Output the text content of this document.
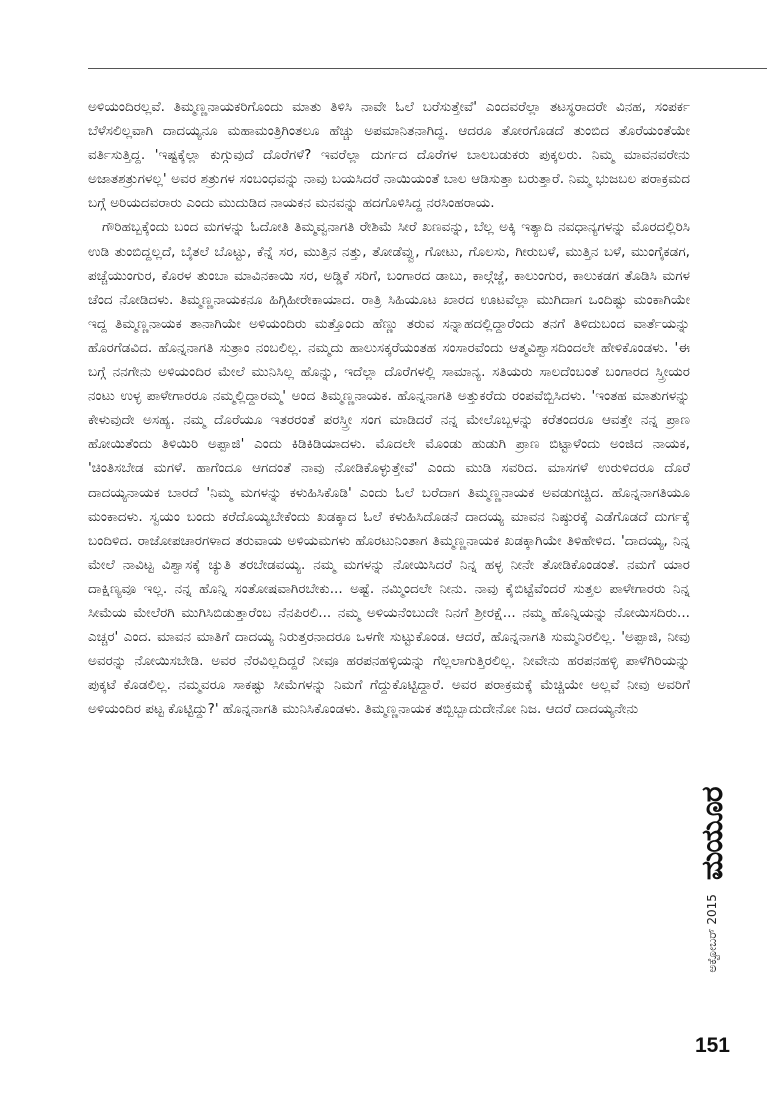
ಅಳಿಯಂದಿರಲ್ಲವೆ. ತಿಮ್ಮಣ್ಣನಾಯಕರಿಗೊಂದು ಮಾತು ತಿಳಿಸಿ ನಾವೇ ಓಲೆ ಬರೆಸುತ್ತೇವೆ' ಎಂದವರೆಲ್ಲಾ ತಟಸ್ಥರಾದರೇ ವಿನಹ, ಸಂಪರ್ಕ ಬೆಳೆಸಲಿಲ್ಲವಾಗಿ ದಾದಯ್ಯನೂ ಮಹಾಮಂತ್ರಿಗಿಂತಲೂ ಹೆಚ್ಚು ಅಪಮಾನಿತನಾಗಿದ್ದ. ಆದರೂ ತೋರಗೊಡದೆ ತುಂಬಿದ ತೊರೆಯಂತೆಯೇ ವರ್ತಿಸುತ್ತಿದ್ದ. 'ಇಷ್ಟಕ್ಕೆಲ್ಲಾ ಕುಗ್ಗುವುದೆ ದೊರೆಗಳೆ? ಇವರೆಲ್ಲಾ ದುರ್ಗದ ದೊರೆಗಳ ಬಾಲಬಡುಕರು ಪುಕ್ಕಲರು. ನಿಮ್ಮ ಮಾವನವರೇನು ಅಜಾತಶತ್ರುಗಳಲ್ಲ' ಅವರ ಶತ್ರುಗಳ ಸಂಬಂಧವನ್ನು ನಾವು ಬಯಸಿದರೆ ನಾಯಿಯಂತೆ ಬಾಲ ಆಡಿಸುತ್ತಾ ಬರುತ್ತಾರೆ. ನಿಮ್ಮ ಭುಜಬಲ ಪರಾಕ್ರಮದ ಬಗ್ಗೆ ಅರಿಯದವರಾರು ಎಂದು ಮುದುಡಿದ ನಾಯಕನ ಮನವನ್ನು ಹದಗೊಳಿಸಿದ್ದ ನರಸಿಂಹರಾಯ.

ಗೌರಿಹಬ್ಬಕ್ಕೆಂದು ಬಂದ ಮಗಳನ್ನು ಓದೋತಿ ತಿಮ್ಮವ್ವನಾಗತಿ ರೇಶಿಮೆ ಸೀರೆ ಖಣವನ್ನು, ಬೆಲ್ಲ ಅಕ್ಕಿ ಇತ್ಯಾದಿ ನವಧಾನ್ಯಗಳನ್ನು ಮೊರದಲ್ಲಿರಿಸಿ ಉಡಿ ತುಂಬಿದ್ದಲ್ಲದೆ, ಬೈತಲೆ ಬೊಟ್ಟು, ಕೆನ್ನೆ ಸರ, ಮುತ್ತಿನ ನತ್ತು, ತೋಡೆವ್ವು, ಗೋಟು, ಗೊಲಸು, ಗೀರುಬಳೆ, ಮುತ್ತಿನ ಬಳೆ, ಮುಂಗೈಕಡಗ, ಪಚ್ಚೆಯುಂಗುರ, ಕೊರಳ ತುಂಬಾ ಮಾವಿನಕಾಯಿ ಸರ, ಅಡ್ಡಿಕೆ ಸರಿಗೆ, ಬಂಗಾರದ ಡಾಬು, ಕಾಲ್ಗೆಜ್ಜೆ, ಕಾಲುಂಗುರ, ಕಾಲುಕಡಗ ತೊಡಿಸಿ ಮಗಳ ಚೆಂದ ನೋಡಿದಳು. ತಿಮ್ಮಣ್ಣನಾಯಕನೂ ಹಿಗ್ಗಿಹೀರೇಕಾಯಾದ. ರಾತ್ರಿ ಸಿಹಿಯೂಟ ಖಾರದ ಊಟವೆಲ್ಲಾ ಮುಗಿದಾಗ ಒಂದಿಷ್ಟು ಮಂಕಾಗಿಯೇ ಇದ್ದ ತಿಮ್ಮಣ್ಣನಾಯಕ ತಾನಾಗಿಯೇ ಅಳಿಯಂದಿರು ಮತ್ತೊಂದು ಹೆಣ್ಣು ತರುವ ಸನ್ನಾಹದಲ್ಲಿದ್ದಾರೆಂದು ತನಗೆ ತಿಳಿದುಬಂದ ವಾರ್ತೆಯನ್ನು ಹೊರಗೆಡವಿದ. ಹೊನ್ನನಾಗತಿ ಸುತ್ರಾಂ ನಂಬಲಿಲ್ಲ. ನಮ್ಮದು ಹಾಲುಸಕ್ಕರೆಯಂತಹ ಸಂಸಾರವೆಂದು ಆತ್ಮವಿಶ್ವಾಸದಿಂದಲೇ ಹೇಳಿಕೊಂಡಳು. 'ಈ ಬಗ್ಗೆ ನನಗೇನು ಅಳಿಯಂದಿರ ಮೇಲೆ ಮುನಿಸಿಲ್ಲ ಹೊನ್ನು, ಇದೆಲ್ಲಾ ದೊರೆಗಳಲ್ಲಿ ಸಾಮಾನ್ಯ. ಸತಿಯರು ಸಾಲದೆಂಬಂತೆ ಬಂಗಾರದ ಸ್ತ್ರೀಯರ ನಂಟು ಉಳ್ಳ ಪಾಳೇಗಾರರೂ ನಮ್ಮಲ್ಲಿದ್ದಾರಮ್ಮ' ಅಂದ ತಿಮ್ಮಣ್ಣನಾಯಕ. ಹೊನ್ನನಾಗತಿ ಅತ್ತುಕರೆದು ರಂಪವೆಬ್ಬಿಸಿದಳು. 'ಇಂತಹ ಮಾತುಗಳನ್ನು ಕೇಳುವುದೇ ಅಸಹ್ಯ. ನಮ್ಮ ದೊರೆಯೂ ಇತರರಂತೆ ಪರಸ್ತ್ರೀ ಸಂಗ ಮಾಡಿದರೆ ನನ್ನ ಮೇಲೊಬ್ಬಳನ್ನು ಕರೆತಂದರೂ ಆವತ್ತೇ ನನ್ನ ಪ್ರಾಣ ಹೋಯಿತೆಂದು ತಿಳಿಯಿರಿ ಅಪ್ಪಾಜಿ' ಎಂದು ಕಿಡಿಕಿಡಿಯಾದಳು. ಮೊದಲೇ ಮೊಂಡು ಹುಡುಗಿ ಪ್ರಾಣ ಬಿಟ್ಟಾಳೆಂದು ಅಂಜಿದ ನಾಯಕ, 'ಚಿಂತಿಸಬೇಡ ಮಗಳೆ. ಹಾಗೆಂದೂ ಆಗದಂತೆ ನಾವು ನೋಡಿಕೊಳ್ಳುತ್ತೇವೆ' ಎಂದು ಮುಡಿ ಸವರಿದ. ಮಾಸಗಳೆ ಉರುಳಿದರೂ ದೊರೆ ದಾದಯ್ಯನಾಯಕ ಬಾರದೆ 'ನಿಮ್ಮ ಮಗಳನ್ನು ಕಳುಹಿಸಿಕೊಡಿ' ಎಂದು ಓಲೆ ಬರೆದಾಗ ತಿಮ್ಮಣ್ಣನಾಯಕ ಅವಡುಗಚ್ಚಿದ. ಹೊನ್ನನಾಗತಿಯೂ ಮಂಕಾದಳು. ಸ್ವಯಂ ಬಂದು ಕರೆದೊಯ್ಯಬೇಕೆಂದು ಖಡಕ್ಕಾದ ಓಲೆ ಕಳುಹಿಸಿದೊಡನೆ ದಾದಯ್ಯ ಮಾವನ ನಿಷ್ಠುರಕ್ಕೆ ಎಡೆಗೊಡದೆ ದುರ್ಗಕ್ಕೆ ಬಂದಿಳಿದ. ರಾಜೋಪಚಾರಗಳಾದ ತರುವಾಯ ಅಳಿಯಮಗಳು ಹೊರಟುನಿಂತಾಗ ತಿಮ್ಮಣ್ಣನಾಯಕ ಖಡಕ್ಕಾಗಿಯೇ ತಿಳಿಹೇಳಿದ. 'ದಾದಯ್ಯ, ನಿನ್ನ ಮೇಲೆ ನಾವಿಟ್ಟ ವಿಶ್ವಾಸಕ್ಕೆ ಚ್ಯುತಿ ತರಬೇಡವಯ್ಯ. ನಮ್ಮ ಮಗಳನ್ನು ನೋಯಿಸಿದರೆ ನಿನ್ನ ಹಳ್ಳ ನೀನೇ ತೋಡಿಕೊಂಡಂತೆ. ನಮಗೆ ಯಾರ ದಾಕ್ಷಿಣ್ಯವೂ ಇಲ್ಲ. ನನ್ನ ಹೊನ್ನಿ ಸಂತೋಷವಾಗಿರಬೇಕು... ಅಷ್ಟೆ. ನಮ್ಮಿಂದಲೇ ನೀನು. ನಾವು ಕೈಬಿಟ್ಟೆವೆಂದರೆ ಸುತ್ತಲ ಪಾಳೇಗಾರರು ನಿನ್ನ ಸೀಮೆಯ ಮೇಲೆರಗಿ ಮುಗಿಸಿಬಿಡುತ್ತಾರೆಂಬ ನೆನಪಿರಲಿ... ನಮ್ಮ ಅಳಿಯನೆಂಬುದೇ ನಿನಗೆ ಶ್ರೀರಕ್ಷೆ... ನಮ್ಮ ಹೊನ್ನಿಯನ್ನು ನೋಯಿಸದಿರು... ಎಚ್ಚರ' ಎಂದ. ಮಾವನ ಮಾತಿಗೆ ದಾದಯ್ಯ ನಿರುತ್ತರನಾದರೂ ಒಳಗೇ ಸುಟ್ಟುಕೊಂಡ. ಆದರೆ, ಹೊನ್ನನಾಗತಿ ಸುಮ್ಮನಿರಲಿಲ್ಲ. 'ಅಪ್ಪಾಜಿ, ನೀವು ಅವರನ್ನು ನೋಯಿಸಬೇಡಿ. ಅವರ ನೆರವಿಲ್ಲದಿದ್ದರೆ ನೀವೂ ಹರಪನಹಳ್ಳಿಯನ್ನು ಗೆಲ್ಲಲಾಗುತ್ತಿರಲಿಲ್ಲ. ನೀವೇನು ಹರಪನಹಳ್ಳಿ ಪಾಳೆಗಿರಿಯನ್ನು ಪುಕ್ಕಟೆ ಕೊಡಲಿಲ್ಲ. ನಮ್ಮವರೂ ಸಾಕಷ್ಟು ಸೀಮೆಗಳನ್ನು ನಿಮಗೆ ಗೆದ್ದುಕೊಟ್ಟಿದ್ದಾರೆ. ಅವರ ಪರಾಕ್ರಮಕ್ಕೆ ಮೆಚ್ಚಿಯೇ ಅಲ್ಲವೆ ನೀವು ಅವರಿಗೆ ಅಳಿಯಂದಿರ ಪಟ್ಟ ಕೊಟ್ಟಿದ್ದು?' ಹೊನ್ನನಾಗತಿ ಮುನಿಸಿಕೊಂಡಳು. ತಿಮ್ಮಣ್ಣನಾಯಕ ತಬ್ಬಿಬ್ಬಾದುದೇನೋ ನಿಜ. ಆದರೆ ದಾದಯ್ಯನೇನು

ಅಕ್ಟೋಬರ್ 2015
ಮಯೂರ
151
